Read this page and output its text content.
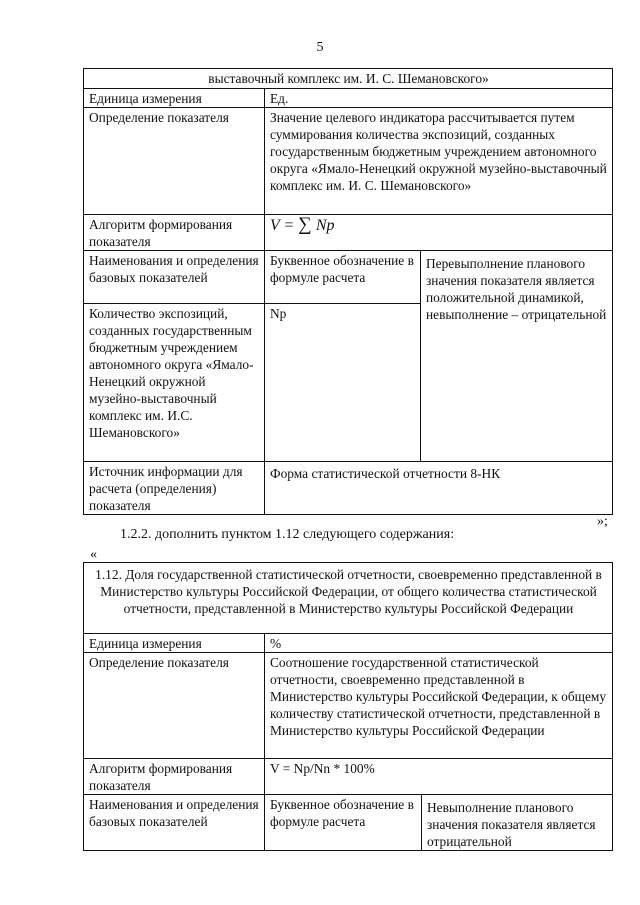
5
выставочный комплекс им. И. С. Шемановского»		
Единица измерения	Ед.	
Определение показателя	Значение целевого индикатора рассчитывается путем суммирования количества экспозиций, созданных государственным бюджетным учреждением автономного округа «Ямало-Ненецкий окружной музейно-выставочный комплекс им. И. С. Шемановского»	
Алгоритм формирования показателя	V = ∑ Np	
Наименования и определения базовых показателей	Буквенное обозначение в формуле расчета	Перевыполнение планового значения показателя является положительной динамикой, невыполнение – отрицательной
Количество экспозиций, созданных государственным бюджетным учреждением автономного округа «Ямало-Ненецкий окружной музейно-выставочный комплекс им. И.С. Шемановского»	Np	
Источник информации для расчета (определения) показателя	Форма статистической отчетности 8-НК	
»;
1.2.2. дополнить пунктом 1.12 следующего содержания:
«
1.12. Доля государственной статистической отчетности, своевременно представленной в Министерство культуры Российской Федерации, от общего количества статистической отчетности, представленной в Министерство культуры Российской Федерации		
Единица измерения	%	
Определение показателя	Соотношение государственной статистической отчетности, своевременно представленной в Министерство культуры Российской Федерации, к общему количеству статистической отчетности, представленной в Министерство культуры Российской Федерации	
Алгоритм формирования показателя	V = Np/Nn * 100%	
Наименования и определения базовых показателей	Буквенное обозначение в формуле расчета	Невыполнение планового значения показателя является отрицательной
